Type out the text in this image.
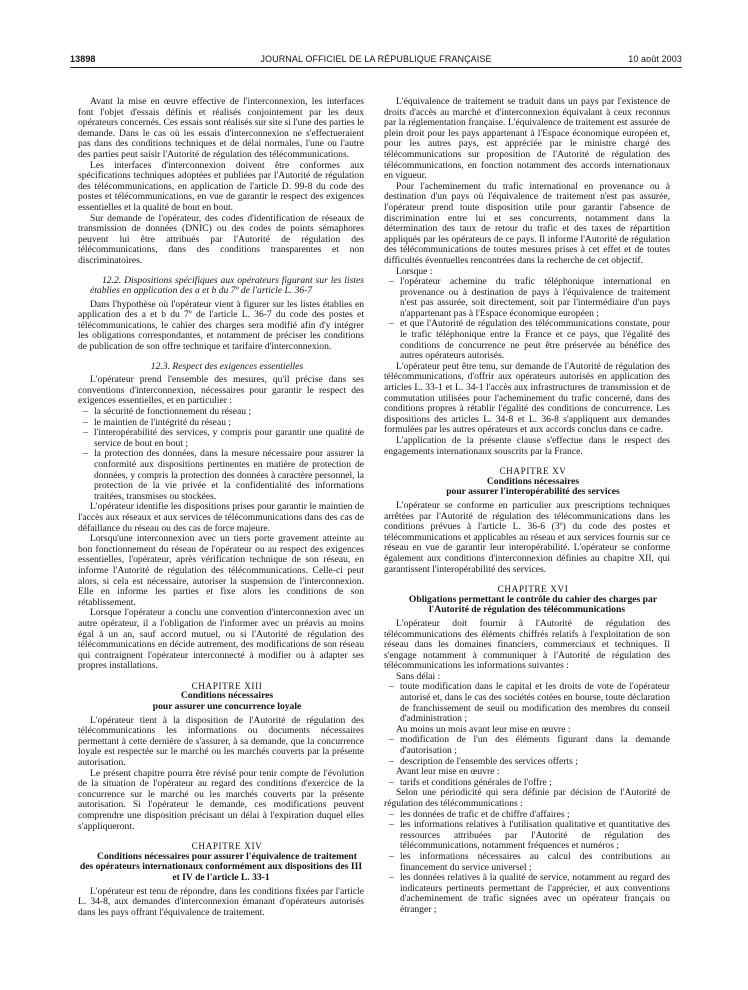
13898	JOURNAL OFFICIEL DE LA RÉPUBLIQUE FRANÇAISE	10 août 2003

Avant la mise en œuvre effective de l'interconnexion, les interfaces font l'objet d'essais définis et réalisés conjointement par les deux opérateurs concernés. Ces essais sont réalisés sur site si l'une des parties le demande. Dans le cas où les essais d'interconnexion ne s'effectueraient pas dans des conditions techniques et de délai normales, l'une ou l'autre des parties peut saisir l'Autorité de régulation des télécommunications.

Les interfaces d'interconnexion doivent être conformes aux spécifications techniques adoptées et publiées par l'Autorité de régulation des télécommunications, en application de l'article D. 99-8 du code des postes et télécommunications, en vue de garantir le respect des exigences essentielles et la qualité de bout en bout.

Sur demande de l'opérateur, des codes d'identification de réseaux de transmission de données (DNIC) ou des codes de points sémaphores peuvent lui être attribués par l'Autorité de régulation des télécommunications, dans des conditions transparentes et non discriminatoires.

12.2. Dispositions spécifiques aux opérateurs figurant sur les listes établies en application des a et b du 7º de l'article L. 36-7

Dans l'hypothèse où l'opérateur vient à figurer sur les listes établies en application des a et b du 7º de l'article L. 36-7 du code des postes et télécommunications, le cahier des charges sera modifié afin d'y intégrer les obligations correspondantes, et notamment de préciser les conditions de publication de son offre technique et tarifaire d'interconnexion.

12.3. Respect des exigences essentielles

L'opérateur prend l'ensemble des mesures, qu'il précise dans ses conventions d'interconnexion, nécessaires pour garantir le respect des exigences essentielles, et en particulier :

– la sécurité de fonctionnement du réseau ;
– le maintien de l'intégrité du réseau ;
– l'interopérabilité des services, y compris pour garantir une qualité de service de bout en bout ;
– la protection des données, dans la mesure nécessaire pour assurer la conformité aux dispositions pertinentes en matière de protection de données, y compris la protection des données à caractère personnel, la protection de la vie privée et la confidentialité des informations traitées, transmises ou stockées.

L'opérateur identifie les dispositions prises pour garantir le maintien de l'accès aux réseaux et aux services de télécommunications dans des cas de défaillance du réseau ou des cas de force majeure.

Lorsqu'une interconnexion avec un tiers porte gravement atteinte au bon fonctionnement du réseau de l'opérateur ou au respect des exigences essentielles, l'opérateur, après vérification technique de son réseau, en informe l'Autorité de régulation des télécommunications. Celle-ci peut alors, si cela est nécessaire, autoriser la suspension de l'interconnexion. Elle en informe les parties et fixe alors les conditions de son rétablissement.

Lorsque l'opérateur a conclu une convention d'interconnexion avec un autre opérateur, il a l'obligation de l'informer avec un préavis au moins égal à un an, sauf accord mutuel, ou si l'Autorité de régulation des télécommunications en décide autrement, des modifications de son réseau qui contraignent l'opérateur interconnecté à modifier ou à adapter ses propres installations.

CHAPITRE XIII

Conditions nécessaires

pour assurer une concurrence loyale

L'opérateur tient à la disposition de l'Autorité de régulation des télécommunications les informations ou documents nécessaires permettant à cette dernière de s'assurer, à sa demande, que la concurrence loyale est respectée sur le marché ou les marchés couverts par la présente autorisation.

Le présent chapitre pourra être révisé pour tenir compte de l'évolution de la situation de l'opérateur au regard des conditions d'exercice de la concurrence sur le marché ou les marchés couverts par la présente autorisation. Si l'opérateur le demande, ces modifications peuvent comprendre une disposition précisant un délai à l'expiration duquel elles s'appliqueront.

CHAPITRE XIV

Conditions nécessaires pour assurer l'équivalence de traitement des opérateurs internationaux conformément aux dispositions des III et IV de l'article L. 33-1

L'opérateur est tenu de répondre, dans les conditions fixées par l'article L. 34-8, aux demandes d'interconnexion émanant d'opérateurs autorisés dans les pays offrant l'équivalence de traitement.

L'équivalence de traitement se traduit dans un pays par l'existence de droits d'accès au marché et d'interconnexion équivalant à ceux reconnus par la réglementation française. L'équivalence de traitement est assurée de plein droit pour les pays appartenant à l'Espace économique européen et, pour les autres pays, est appréciée par le ministre chargé des télécommunications sur proposition de l'Autorité de régulation des télécommunications, en fonction notamment des accords internationaux en vigueur.

Pour l'acheminement du trafic international en provenance ou à destination d'un pays où l'équivalence de traitement n'est pas assurée, l'opérateur prend toute disposition utile pour garantir l'absence de discrimination entre lui et ses concurrents, notamment dans la détermination des taux de retour du trafic et des taxes de répartition appliqués par les opérateurs de ce pays. Il informe l'Autorité de régulation des télécommunications de toutes mesures prises à cet effet et de toutes difficultés éventuelles rencontrées dans la recherche de cet objectif.

Lorsque :

– l'opérateur achemine du trafic téléphonique international en provenance ou à destination de pays à l'équivalence de traitement n'est pas assurée, soit directement, soit par l'intermédiaire d'un pays n'appartenant pas à l'Espace économique européen ;
– et que l'Autorité de régulation des télécommunications constate, pour le trafic téléphonique entre la France et ce pays, que l'égalité des conditions de concurrence ne peut être préservée au bénéfice des autres opérateurs autorisés.

L'opérateur peut être tenu, sur demande de l'Autorité de régulation des télécommunications, d'offrir aux opérateurs autorisés en application des articles L. 33-1 et L. 34-1 l'accès aux infrastructures de transmission et de commutation utilisées pour l'acheminement du trafic concerné, dans des conditions propres à rétablir l'égalité des conditions de concurrence. Les dispositions des articles L. 34-8 et L. 36-8 s'appliquent aux demandes formulées par les autres opérateurs et aux accords conclus dans ce cadre.

L'application de la présente clause s'effectue dans le respect des engagements internationaux souscrits par la France.

CHAPITRE XV

Conditions nécessaires

pour assurer l'interopérabilité des services

L'opérateur se conforme en particulier aux prescriptions techniques arrêtées par l'Autorité de régulation des télécommunications dans les conditions prévues à l'article L. 36-6 (3º) du code des postes et télécommunications et applicables au réseau et aux services fournis sur ce réseau en vue de garantir leur interopérabilité. L'opérateur se conforme également aux conditions d'interconnexion définies au chapitre XII, qui garantissent l'interopérabilité des services.

CHAPITRE XVI

Obligations permettant le contrôle du cahier des charges par l'Autorité de régulation des télécommunications

L'opérateur doit fournir à l'Autorité de régulation des télécommunications des éléments chiffrés relatifs à l'exploitation de son réseau dans les domaines financiers, commerciaux et techniques. Il s'engage notamment à communiquer à l'Autorité de régulation des télécommunications les informations suivantes :

Sans délai :

– toute modification dans le capital et les droits de vote de l'opérateur autorisé et, dans le cas des sociétés cotées en bourse, toute déclaration de franchissement de seuil ou modification des membres du conseil d'administration ;

Au moins un mois avant leur mise en œuvre :

– modification de l'un des éléments figurant dans la demande d'autorisation ;
– description de l'ensemble des services offerts ;

Avant leur mise en œuvre :

– tarifs et conditions générales de l'offre ;

Selon une périodicité qui sera définie par décision de l'Autorité de régulation des télécommunications :

– les données de trafic et de chiffre d'affaires ;
– les informations relatives à l'utilisation qualitative et quantitative des ressources attribuées par l'Autorité de régulation des télécommunications, notamment fréquences et numéros ;
– les informations nécessaires au calcul des contributions au financement du service universel ;
– les données relatives à la qualité de service, notamment au regard des indicateurs pertinents permettant de l'apprécier, et aux conventions d'acheminement de trafic signées avec un opérateur français ou étranger ;
